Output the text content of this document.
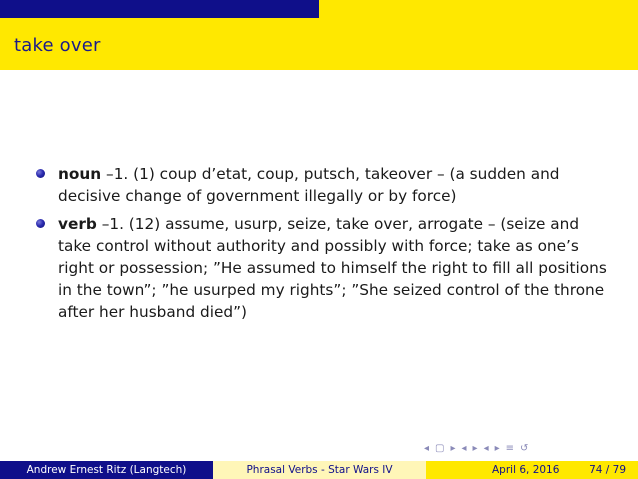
take over
noun –1. (1) coup d’etat, coup, putsch, takeover – (a sudden and decisive change of government illegally or by force)
verb –1. (12) assume, usurp, seize, take over, arrogate – (seize and take control without authority and possibly with force; take as one’s right or possession; ”He assumed to himself the right to fill all positions in the town”; ”he usurped my rights”; ”She seized control of the throne after her husband died”)
◂ ▢ ▸ ◂ ▸ ◂ ▸ ≡ ↺
Andrew Ernest Ritz (Langtech)	Phrasal Verbs - Star Wars IV	April 6, 2016	74 / 79
